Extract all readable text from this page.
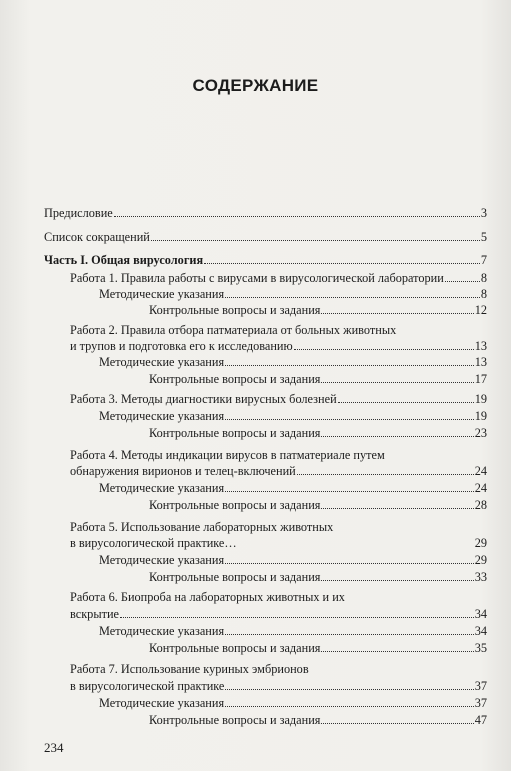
СОДЕРЖАНИЕ
Предисловие	3
Список сокращений	5
Часть I. Общая вирусология	7
Работа 1. Правила работы с вирусами в вирусологической лаборатории	8
Методические указания	8
Контрольные вопросы и задания	12
Работа 2. Правила отбора патматериала от больных животных
и трупов и подготовка его к исследованию	13
Методические указания	13
Контрольные вопросы и задания	17
Работа 3. Методы диагностики вирусных болезней	19
Методические указания	19
Контрольные вопросы и задания	23
Работа 4. Методы индикации вирусов в патматериале путем
обнаружения вирионов и телец-включений	24
Методические указания	24
Контрольные вопросы и задания	28
Работа 5. Использование лабораторных животных
в вирусологической практике…	29
Методические указания	29
Контрольные вопросы и задания	33
Работа 6. Биопроба на лабораторных животных и их
вскрытие	34
Методические указания	34
Контрольные вопросы и задания	35
Работа 7. Использование куриных эмбрионов
в вирусологической практике	37
Методические указания	37
Контрольные вопросы и задания	47
234
